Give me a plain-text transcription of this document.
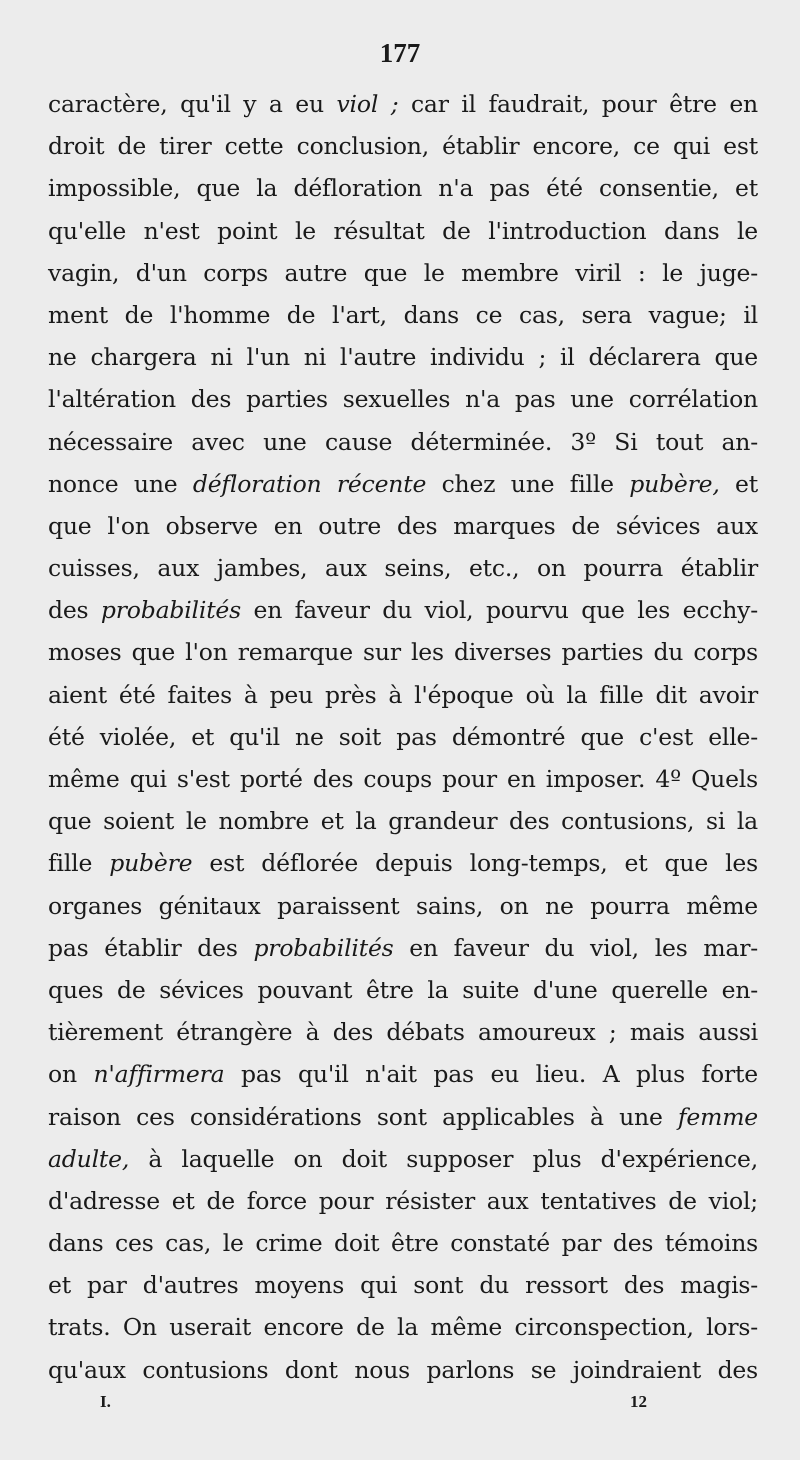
177
caractère, qu'il y a eu viol ; car il faudrait, pour être en
droit de tirer cette conclusion, établir encore, ce qui est
impossible, que la défloration n'a pas été consentie, et
qu'elle n'est point le résultat de l'introduction dans le
vagin, d'un corps autre que le membre viril : le juge-
ment de l'homme de l'art, dans ce cas, sera vague; il
ne chargera ni l'un ni l'autre individu ; il déclarera que
l'altération des parties sexuelles n'a pas une corrélation
nécessaire avec une cause déterminée. 3º Si tout an-
nonce une défloration récente chez une fille pubère, et
que l'on observe en outre des marques de sévices aux
cuisses, aux jambes, aux seins, etc., on pourra établir
des probabilités en faveur du viol, pourvu que les ecchy-
moses que l'on remarque sur les diverses parties du corps
aient été faites à peu près à l'époque où la fille dit avoir
été violée, et qu'il ne soit pas démontré que c'est elle-
même qui s'est porté des coups pour en imposer. 4º Quels
que soient le nombre et la grandeur des contusions, si la
fille pubère est déflorée depuis long-temps, et que les
organes génitaux paraissent sains, on ne pourra même
pas établir des probabilités en faveur du viol, les mar-
ques de sévices pouvant être la suite d'une querelle en-
tièrement étrangère à des débats amoureux ; mais aussi
on n'affirmera pas qu'il n'ait pas eu lieu. A plus forte
raison ces considérations sont applicables à une femme
adulte, à laquelle on doit supposer plus d'expérience,
d'adresse et de force pour résister aux tentatives de viol;
dans ces cas, le crime doit être constaté par des témoins
et par d'autres moyens qui sont du ressort des magis-
trats. On userait encore de la même circonspection, lors-
qu'aux contusions dont nous parlons se joindraient des
I.	12
